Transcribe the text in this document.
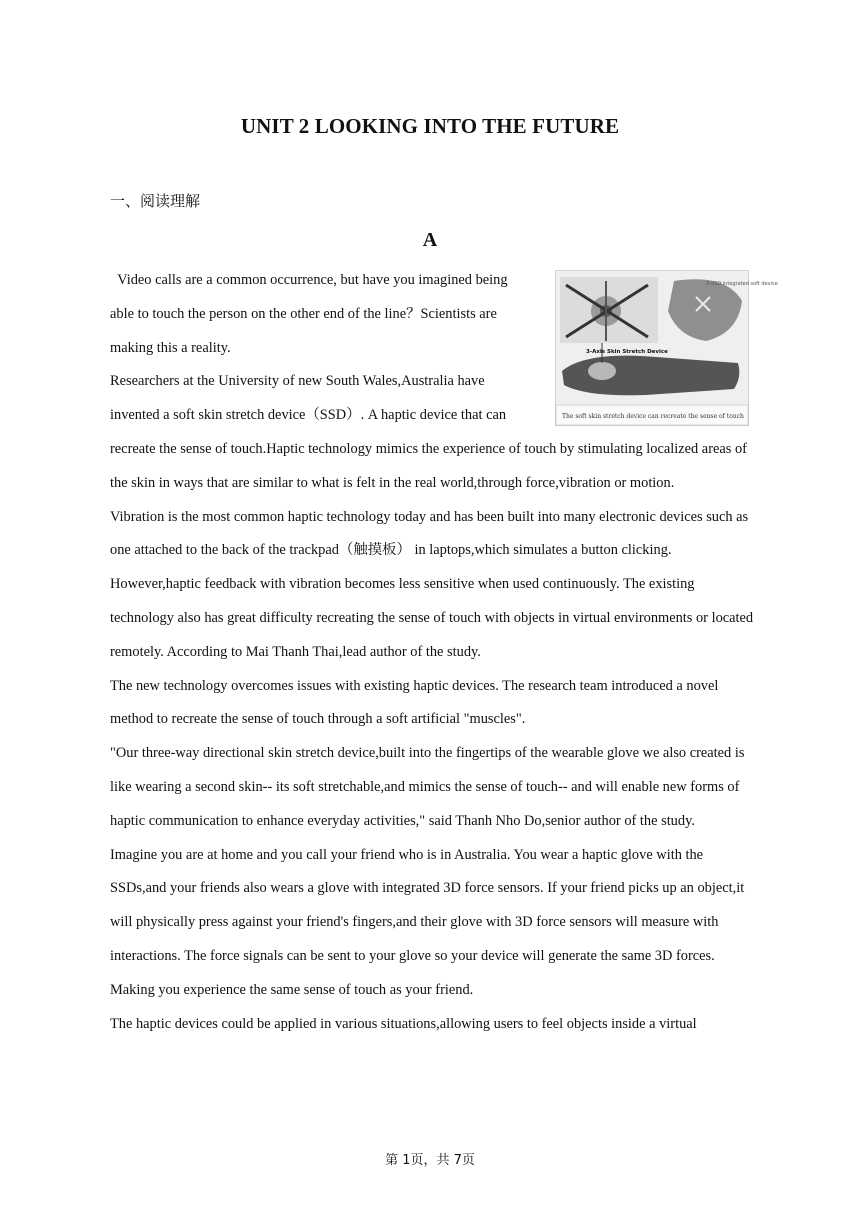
UNIT 2 LOOKING INTO THE FUTURE
一、阅读理解
A
3-SSD integrated soft device
3-Axis Skin Stretch Device
The soft skin stretch device can recreate the sense of touch

Video calls are a common occurrence, but have you imagined being able to touch the person on the other end of the line？Scientists are making this a reality.

Researchers at the University of new South Wales,Australia have invented a soft skin stretch device（SSD）. A haptic device that can recreate the sense of touch.Haptic technology mimics the experience of touch by stimulating localized areas of the skin in ways that are similar to what is felt in the real world,through force,vibration or motion.

Vibration is the most common haptic technology today and has been built into many electronic devices such as one attached to the back of the trackpad（触摸板） in laptops,which simulates a button clicking. However,haptic feedback with vibration becomes less sensitive when used continuously. The existing technology also has great difficulty recreating the sense of touch with objects in virtual environments or located remotely. According to Mai Thanh Thai,lead author of the study.

The new technology overcomes issues with existing haptic devices. The research team introduced a novel method to recreate the sense of touch through a soft artificial "muscles".

"Our three-way directional skin stretch device,built into the fingertips of the wearable glove we also created is like wearing a second skin-- its soft stretchable,and mimics the sense of touch-- and will enable new forms of haptic communication to enhance everyday activities," said Thanh Nho Do,senior author of the study.

Imagine you are at home and you call your friend who is in Australia. You wear a haptic glove with the SSDs,and your friends also wears a glove with integrated 3D force sensors. If your friend picks up an object,it will physically press against your friend's fingers,and their glove with 3D force sensors will measure with interactions. The force signals can be sent to your glove so your device will generate the same 3D forces. Making you experience the same sense of touch as your friend.

The haptic devices could be applied in various situations,allowing users to feel objects inside a virtual

第 1页，共 7页
